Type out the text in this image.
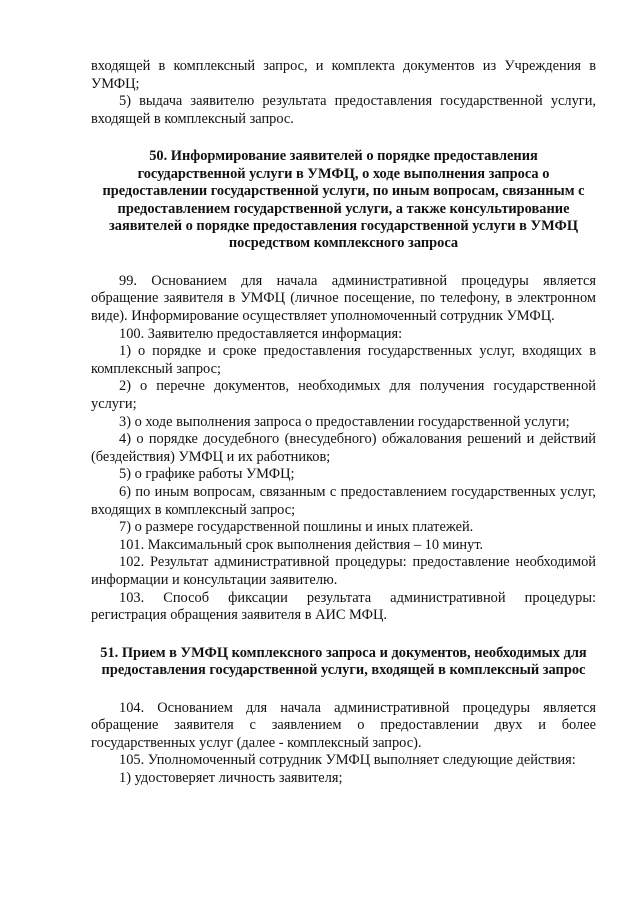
входящей в комплексный запрос, и комплекта документов из Учреждения в УМФЦ;

5) выдача заявителю результата предоставления государственной услуги, входящей в комплексный запрос.

50. Информирование заявителей о порядке предоставления государственной услуги в УМФЦ, о ходе выполнения запроса о предоставлении государственной услуги, по иным вопросам, связанным с предоставлением государственной услуги, а также консультирование заявителей о порядке предоставления государственной услуги в УМФЦ посредством комплексного запроса

99. Основанием для начала административной процедуры является обращение заявителя в УМФЦ (личное посещение, по телефону, в электронном виде). Информирование осуществляет уполномоченный сотрудник УМФЦ.

100. Заявителю предоставляется информация:

1) о порядке и сроке предоставления государственных услуг, входящих в комплексный запрос;

2) о перечне документов, необходимых для получения государственной услуги;

3) о ходе выполнения запроса о предоставлении государственной услуги;

4) о порядке досудебного (внесудебного) обжалования решений и действий (бездействия) УМФЦ и их работников;

5) о графике работы УМФЦ;

6) по иным вопросам, связанным с предоставлением государственных услуг, входящих в комплексный запрос;

7) о размере государственной пошлины и иных платежей.

101. Максимальный срок выполнения действия – 10 минут.

102. Результат административной процедуры: предоставление необходимой информации и консультации заявителю.

103. Способ фиксации результата административной процедуры: регистрация обращения заявителя в АИС МФЦ.

51. Прием в УМФЦ комплексного запроса и документов, необходимых для предоставления государственной услуги, входящей в комплексный запрос

104. Основанием для начала административной процедуры является обращение заявителя с заявлением о предоставлении двух и более государственных услуг (далее - комплексный запрос).

105. Уполномоченный сотрудник УМФЦ выполняет следующие действия:

1) удостоверяет личность заявителя;
